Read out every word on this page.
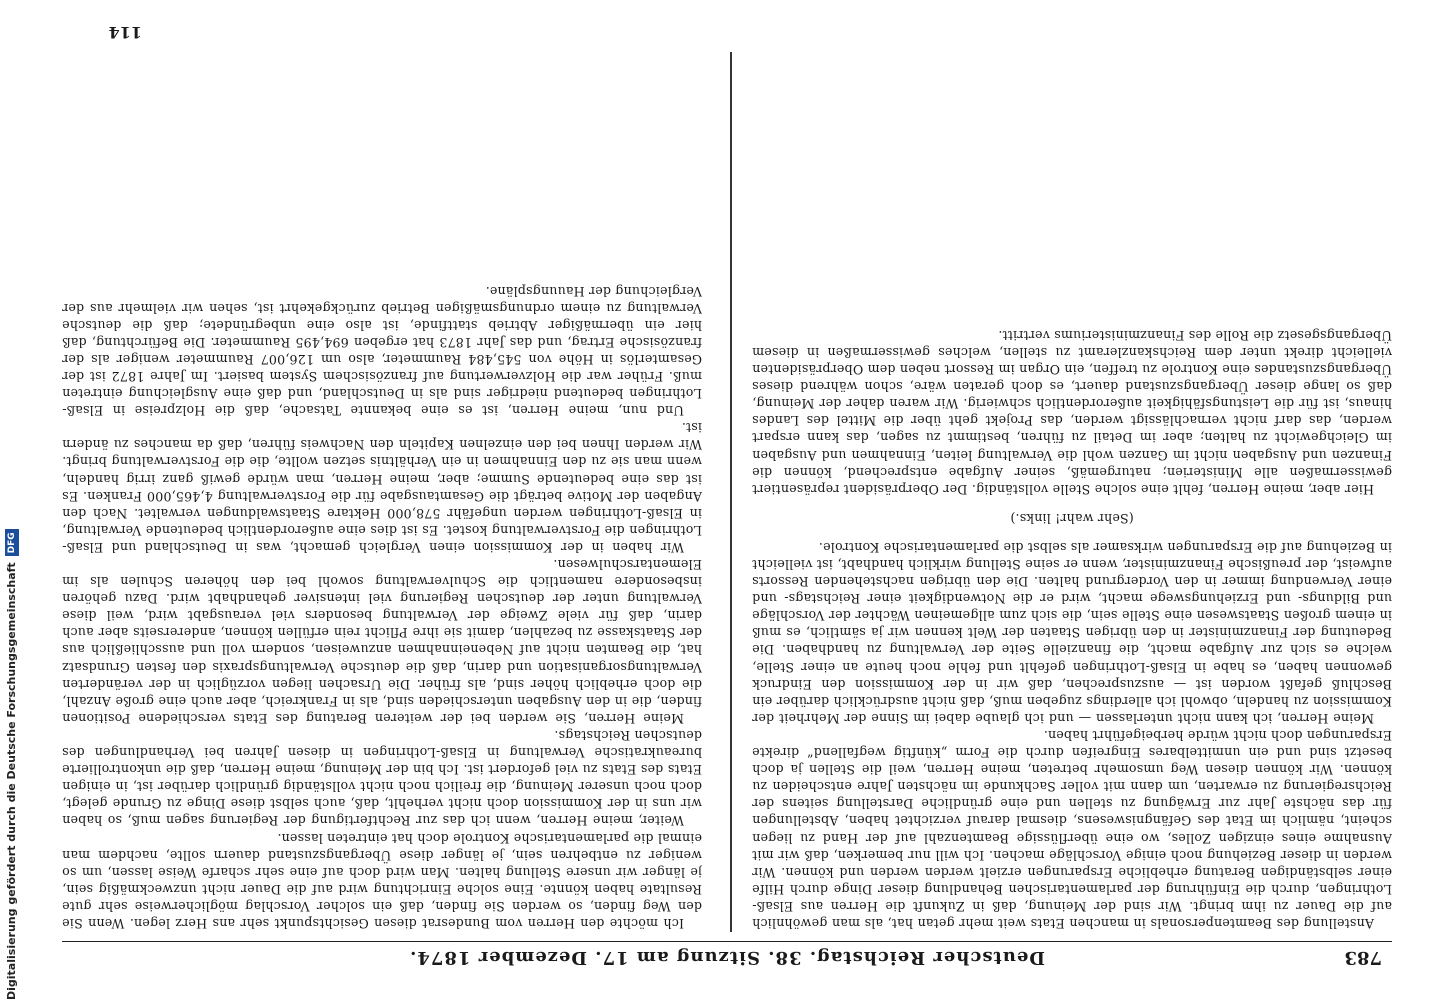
783
Deutscher Reichstag. 38. Sitzung am 17. Dezember 1874.

Anstellung des Beamtenpersonals in manchen Etats weit mehr getan hat, als man gewöhnlich auf die Dauer zu ihm bringt. Wir sind der Meinung, daß in Zukunft die Herren aus Elsaß-Lothringen, durch die Einführung der parlamentarischen Behandlung dieser Dinge durch Hilfe einer selbständigen Beratung erhebliche Ersparungen erzielt werden werden und können. Wir werden in dieser Beziehung noch einige Vorschläge machen. Ich will nur bemerken, daß wir mit Ausnahme eines einzigen Zolles, wo eine überflüssige Beamtenzahl auf der Hand zu liegen scheint, nämlich im Etat des Gefängniswesens, diesmal darauf verzichtet haben, Abstellungen für das nächste Jahr zur Erwägung zu stellen und eine gründliche Darstellung seitens der Reichsregierung zu erwarten, um dann mit voller Sachkunde im nächsten Jahre entscheiden zu können. Wir können diesen Weg umsomehr betreten, meine Herren, weil die Stellen ja doch besetzt sind und ein unmittelbares Eingreifen durch die Form „künftig wegfallend“ direkte Ersparungen doch nicht würde herbeigeführt haben.

Meine Herren, ich kann nicht unterlassen — und ich glaube dabei im Sinne der Mehrheit der Kommission zu handeln, obwohl ich allerdings zugeben muß, daß nicht ausdrücklich darüber ein Beschluß gefaßt worden ist — auszusprechen, daß wir in der Kommission den Eindruck gewonnen haben, es habe in Elsaß-Lothringen gefehlt und fehle noch heute an einer Stelle, welche es sich zur Aufgabe macht, die finanzielle Seite der Verwaltung zu handhaben. Die Bedeutung der Finanzminister in den übrigen Staaten der Welt kennen wir ja sämtlich, es muß in einem großen Staatswesen eine Stelle sein, die sich zum allgemeinen Wächter der Vorschläge und Bildungs- und Erziehungswege macht, wird er die Notwendigkeit einer Reichstags- und einer Verwendung immer in den Vordergrund halten. Die den übrigen nachstehenden Ressorts aufweist, der preußische Finanzminister, wenn er seine Stellung wirklich handhabt, ist vielleicht in Beziehung auf die Ersparungen wirksamer als selbst die parlamentarische Kontrole.

(Sehr wahr! links.)

Hier aber, meine Herren, fehlt eine solche Stelle vollständig. Der Oberpräsident repräsentiert gewissermaßen alle Ministerien; naturgemäß, seiner Aufgabe entsprechend, können die Finanzen und Ausgaben nicht im Ganzen wohl die Verwaltung leiten, Einnahmen und Ausgaben im Gleichgewicht zu halten; aber im Detail zu führen, bestimmt zu sagen, das kann erspart werden, das darf nicht vernachlässigt werden, das Projekt geht über die Mittel des Landes hinaus, ist für die Leistungsfähigkeit außerordentlich schwierig. Wir waren daher der Meinung, daß so lange dieser Übergangszustand dauert, es doch geraten wäre, schon während dieses Übergangszustandes eine Kontrole zu treffen, ein Organ im Ressort neben dem Oberpräsidenten vielleicht direkt unter dem Reichskanzleramt zu stellen, welches gewissermaßen in diesem Übergangsgesetz die Rolle des Finanzministeriums vertritt.

Ich möchte den Herren vom Bundesrat diesen Gesichtspunkt sehr ans Herz legen. Wenn Sie den Weg finden, so werden Sie finden, daß ein solcher Vorschlag möglicherweise sehr gute Resultate haben könnte. Eine solche Einrichtung wird auf die Dauer nicht unzweckmäßig sein, je länger wir unsere Stellung halten. Man wird doch auf eine sehr scharfe Weise lassen, um so weniger zu entbehren sein, je länger diese Übergangszustand dauern sollte, nachdem man einmal die parlamentarische Kontrole doch hat eintreten lassen.

Weiter, meine Herren, wenn ich das zur Rechtfertigung der Regierung sagen muß, so haben wir uns in der Kommission doch nicht verhehlt, daß, auch selbst diese Dinge zu Grunde gelegt, doch noch unserer Meinung, die freilich noch nicht vollständig gründlich darüber ist, in einigen Etats des Etats zu viel gefordert ist. Ich bin der Meinung, meine Herren, daß die unkontrollierte bureaukratische Verwaltung in Elsaß-Lothringen in diesen Jahren bei Verhandlungen des deutschen Reichstags.

Meine Herren, Sie werden bei der weiteren Beratung des Etats verschiedene Positionen finden, die in den Ausgaben unterschieden sind, als in Frankreich, aber auch eine große Anzahl, die doch erheblich höher sind, als früher. Die Ursachen liegen vorzüglich in der veränderten Verwaltungsorganisation und darin, daß die deutsche Verwaltungspraxis den festen Grundsatz hat, die Beamten nicht auf Nebeneinnahmen anzuweisen, sondern voll und ausschließlich aus der Staatskasse zu bezahlen, damit sie ihre Pflicht rein erfüllen können, andererseits aber auch darin, daß für viele Zweige der Verwaltung besonders viel verausgabt wird, weil diese Verwaltung unter der deutschen Regierung viel intensiver gehandhabt wird. Dazu gehören insbesondere namentlich die Schulverwaltung sowohl bei den höheren Schulen als im Elementarschulwesen.

Wir haben in der Kommission einen Vergleich gemacht, was in Deutschland und Elsaß-Lothringen die Forstverwaltung kostet. Es ist dies eine außerordentlich bedeutende Verwaltung, in Elsaß-Lothringen werden ungefähr 578,000 Hektare Staatswaldungen verwaltet. Nach den Angaben der Motive beträgt die Gesamtausgabe für die Forstverwaltung 4,465,000 Franken. Es ist das eine bedeutende Summe; aber, meine Herren, man würde gewiß ganz irrig handeln, wenn man sie zu den Einnahmen in ein Verhältnis setzen wollte, die die Forstverwaltung bringt. Wir werden Ihnen bei den einzelnen Kapiteln den Nachweis führen, daß da manches zu ändern ist.

Und nun, meine Herren, ist es eine bekannte Tatsache, daß die Holzpreise in Elsaß-Lothringen bedeutend niedriger sind als in Deutschland, und daß eine Ausgleichung eintreten muß. Früher war die Holzverwertung auf französischem System basiert. Im Jahre 1872 ist der Gesamterlös in Höhe von 545,484 Raummeter, also um 126,007 Raummeter weniger als der französische Ertrag, und das Jahr 1873 hat ergeben 694,495 Raummeter. Die Befürchtung, daß hier ein übermäßiger Abtrieb stattfinde, ist also eine unbegründete; daß die deutsche Verwaltung zu einem ordnungsmäßigen Betrieb zurückgekehrt ist, sehen wir vielmehr aus der Vergleichung der Hauungspläne.

114
Digitalisierung gefördert durch die Deutsche ForschungsgemeinschaftDFG
